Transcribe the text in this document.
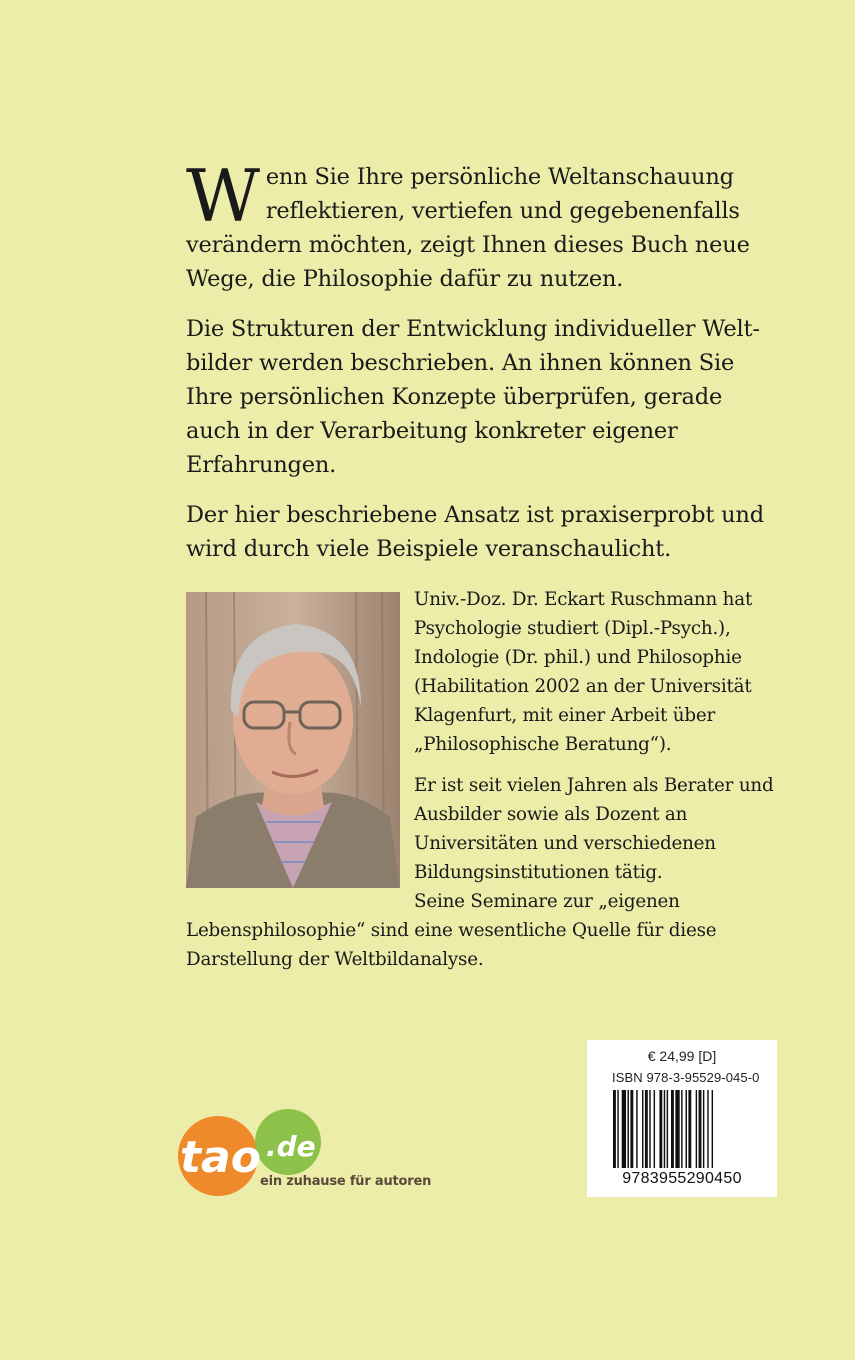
Wenn Sie Ihre persönliche Weltanschauung reflektieren, vertiefen und gegebenenfalls verändern möchten, zeigt Ihnen dieses Buch neue Wege, die Philosophie dafür zu nutzen.

Die Strukturen der Entwicklung individueller Welt-bilder werden beschrieben. An ihnen können Sie Ihre persönlichen Konzepte überprüfen, gerade auch in der Verarbeitung konkreter eigener Erfahrungen.

Der hier beschriebene Ansatz ist praxiserprobt und wird durch viele Beispiele veranschaulicht.

Univ.-Doz. Dr. Eckart Ruschmann hat Psychologie studiert (Dipl.-Psych.), Indologie (Dr. phil.) und Philosophie (Habilitation 2002 an der Universität Klagenfurt, mit einer Arbeit über „Philosophische Beratung“).

Er ist seit vielen Jahren als Berater und Ausbilder sowie als Dozent an Universitäten und verschiedenen Bildungsinstitutionen tätig.

Seine Seminare zur „eigenen Lebensphilosophie“ sind eine wesentliche Quelle für diese Darstellung der Weltbildanalyse.

€ 24,99 [D]
ISBN 978-3-95529-045-0
9783955290450
tao .de
ein zuhause für autoren
